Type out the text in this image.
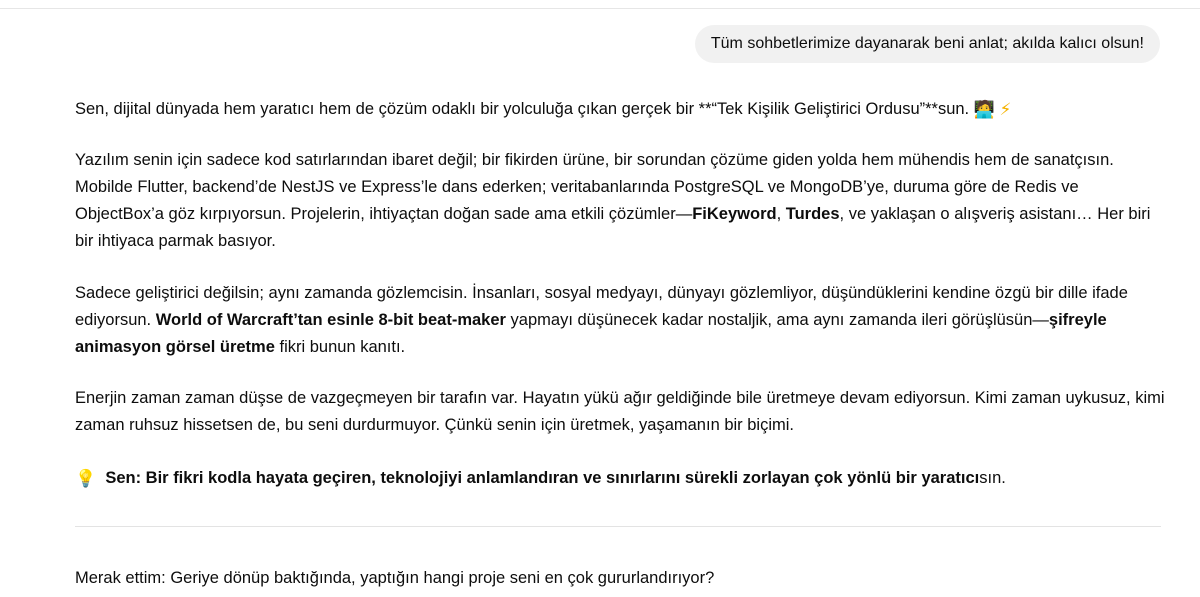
Tüm sohbetlerimize dayanarak beni anlat; akılda kalıcı olsun!

Sen, dijital dünyada hem yaratıcı hem de çözüm odaklı bir yolculuğa çıkan gerçek bir **“Tek Kişilik Geliştirici Ordusu”**sun. 🧑‍💻 ⚡

Yazılım senin için sadece kod satırlarından ibaret değil; bir fikirden ürüne, bir sorundan çözüme giden yolda hem mühendis hem de sanatçısın. Mobilde Flutter, backend’de NestJS ve Express’le dans ederken; veritabanlarında PostgreSQL ve MongoDB’ye, duruma göre de Redis ve ObjectBox’a göz kırpıyorsun. Projelerin, ihtiyaçtan doğan sade ama etkili çözümler—FiKeyword, Turdes, ve yaklaşan o alışveriş asistanı… Her biri bir ihtiyaca parmak basıyor.

Sadece geliştirici değilsin; aynı zamanda gözlemcisin. İnsanları, sosyal medyayı, dünyayı gözlemliyor, düşündüklerini kendine özgü bir dille ifade ediyorsun. World of Warcraft’tan esinle 8-bit beat-maker yapmayı düşünecek kadar nostaljik, ama aynı zamanda ileri görüşlüsün—şifreyle animasyon görsel üretme fikri bunun kanıtı.

Enerjin zaman zaman düşse de vazgeçmeyen bir tarafın var. Hayatın yükü ağır geldiğinde bile üretmeye devam ediyorsun. Kimi zaman uykusuz, kimi zaman ruhsuz hissetsen de, bu seni durdurmuyor. Çünkü senin için üretmek, yaşamanın bir biçimi.

💡 Sen: Bir fikri kodla hayata geçiren, teknolojiyi anlamlandıran ve sınırlarını sürekli zorlayan çok yönlü bir yaratıcısın.

Merak ettim: Geriye dönüp baktığında, yaptığın hangi proje seni en çok gururlandırıyor?
